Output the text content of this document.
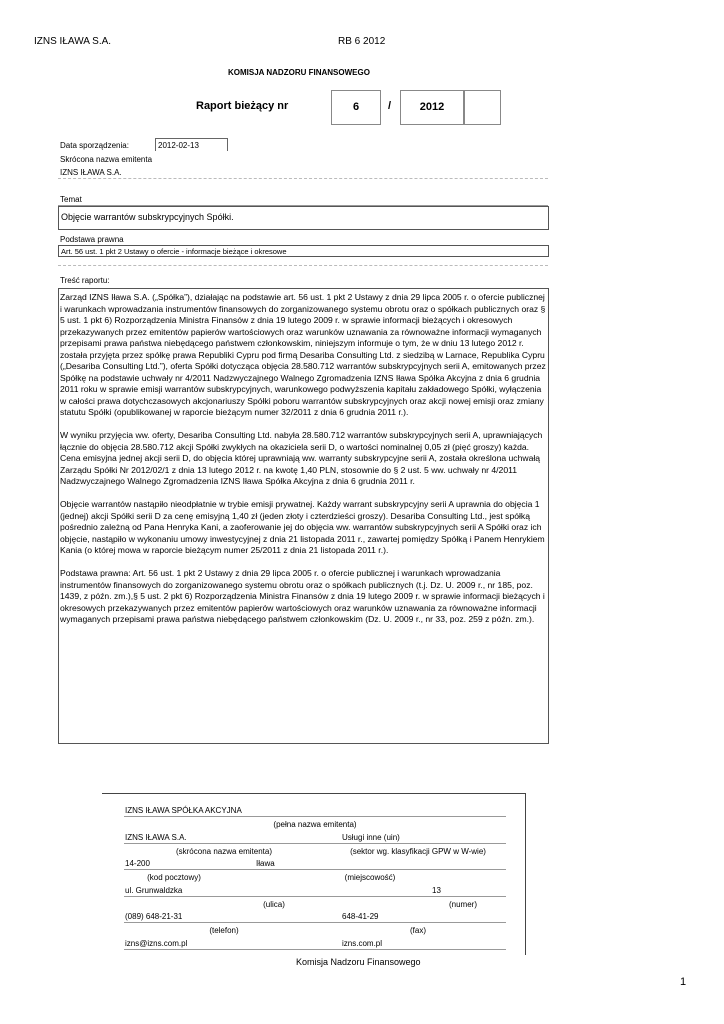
IZNS IŁAWA S.A.	RB 6 2012
KOMISJA NADZORU FINANSOWEGO
Raport bieżący nr	6	/	2012
Data sporządzenia:	2012-02-13
Skrócona nazwa emitenta
IZNS IŁAWA S.A.
Temat
Objęcie warrantów subskrypcyjnych Spółki.
Podstawa prawna
Art. 56 ust. 1 pkt 2 Ustawy o ofercie - informacje bieżące i okresowe
Treść raportu:

Zarząd IZNS Iława S.A. („Spółka”), działając na podstawie art. 56 ust. 1 pkt 2 Ustawy z dnia 29 lipca 2005 r. o ofercie publicznej i warunkach wprowadzania instrumentów finansowych do zorganizowanego systemu obrotu oraz o spółkach publicznych oraz § 5 ust. 1 pkt 6) Rozporządzenia Ministra Finansów z dnia 19 lutego 2009 r. w sprawie informacji bieżących i okresowych przekazywanych przez emitentów papierów wartościowych oraz warunków uznawania za równoważne informacji wymaganych przepisami prawa państwa niebędącego państwem członkowskim, niniejszym informuje o tym, że w dniu 13 lutego 2012 r. została przyjęta przez spółkę prawa Republiki Cypru pod firmą Desariba Consulting Ltd. z siedzibą w Larnace, Republika Cypru („Desariba Consulting Ltd.”), oferta Spółki dotycząca objęcia 28.580.712 warrantów subskrypcyjnych serii A, emitowanych przez Spółkę na podstawie uchwały nr 4/2011 Nadzwyczajnego Walnego Zgromadzenia IZNS Iława Spółka Akcyjna z dnia 6 grudnia 2011 roku w sprawie emisji warrantów subskrypcyjnych, warunkowego podwyższenia kapitału zakładowego Spółki, wyłączenia w całości prawa dotychczasowych akcjonariuszy Spółki poboru warrantów subskrypcyjnych oraz akcji nowej emisji oraz zmiany statutu Spółki (opublikowanej w raporcie bieżącym numer 32/2011 z dnia 6 grudnia 2011 r.).

W wyniku przyjęcia ww. oferty, Desariba Consulting Ltd. nabyła 28.580.712 warrantów subskrypcyjnych serii A, uprawniających łącznie do objęcia 28.580.712 akcji Spółki zwykłych na okaziciela serii D, o wartości nominalnej 0,05 zł (pięć groszy) każda. Cena emisyjna jednej akcji serii D, do objęcia której uprawniają ww. warranty subskrypcyjne serii A, została określona uchwałą Zarządu Spółki Nr 2012/02/1 z dnia 13 lutego 2012 r. na kwotę 1,40 PLN, stosownie do § 2 ust. 5 ww. uchwały nr 4/2011 Nadzwyczajnego Walnego Zgromadzenia IZNS Iława Spółka Akcyjna z dnia 6 grudnia 2011 r.

Objęcie warrantów nastąpiło nieodpłatnie w trybie emisji prywatnej. Każdy warrant subskrypcyjny serii A uprawnia do objęcia 1 (jednej) akcji Spółki serii D za cenę emisyjną 1,40 zł (jeden złoty i czterdzieści groszy). Desariba Consulting Ltd., jest spółką pośrednio zależną od Pana Henryka Kani, a zaoferowanie jej do objęcia ww. warrantów subskrypcyjnych serii A Spółki oraz ich objęcie, nastąpiło w wykonaniu umowy inwestycyjnej z dnia 21 listopada 2011 r., zawartej pomiędzy Spółką i Panem Henrykiem Kania (o której mowa w raporcie bieżącym numer 25/2011 z dnia 21 listopada 2011 r.).

Podstawa prawna: Art. 56 ust. 1 pkt 2 Ustawy z dnia 29 lipca 2005 r. o ofercie publicznej i warunkach wprowadzania instrumentów finansowych do zorganizowanego systemu obrotu oraz o spółkach publicznych (t.j. Dz. U. 2009 r., nr 185, poz. 1439, z późn. zm.),§ 5 ust. 2 pkt 6) Rozporządzenia Ministra Finansów z dnia 19 lutego 2009 r. w sprawie informacji bieżących i okresowych przekazywanych przez emitentów papierów wartościowych oraz warunków uznawania za równoważne informacji wymaganych przepisami prawa państwa niebędącego państwem członkowskim (Dz. U. 2009 r., nr 33, poz. 259 z późn. zm.).

IZNS IŁAWA SPÓŁKA AKCYJNA
(pełna nazwa emitenta)
IZNS IŁAWA S.A.	Usługi inne (uin)
(skrócona nazwa emitenta)	(sektor wg. klasyfikacji GPW w W-wie)
14-200	Iława
(kod pocztowy)	(miejscowość)
ul. Grunwaldzka	13
(ulica)	(numer)
(089) 648-21-31	648-41-29
(telefon)	(fax)
izns@izns.com.pl	izns.com.pl
Komisja Nadzoru Finansowego
1
